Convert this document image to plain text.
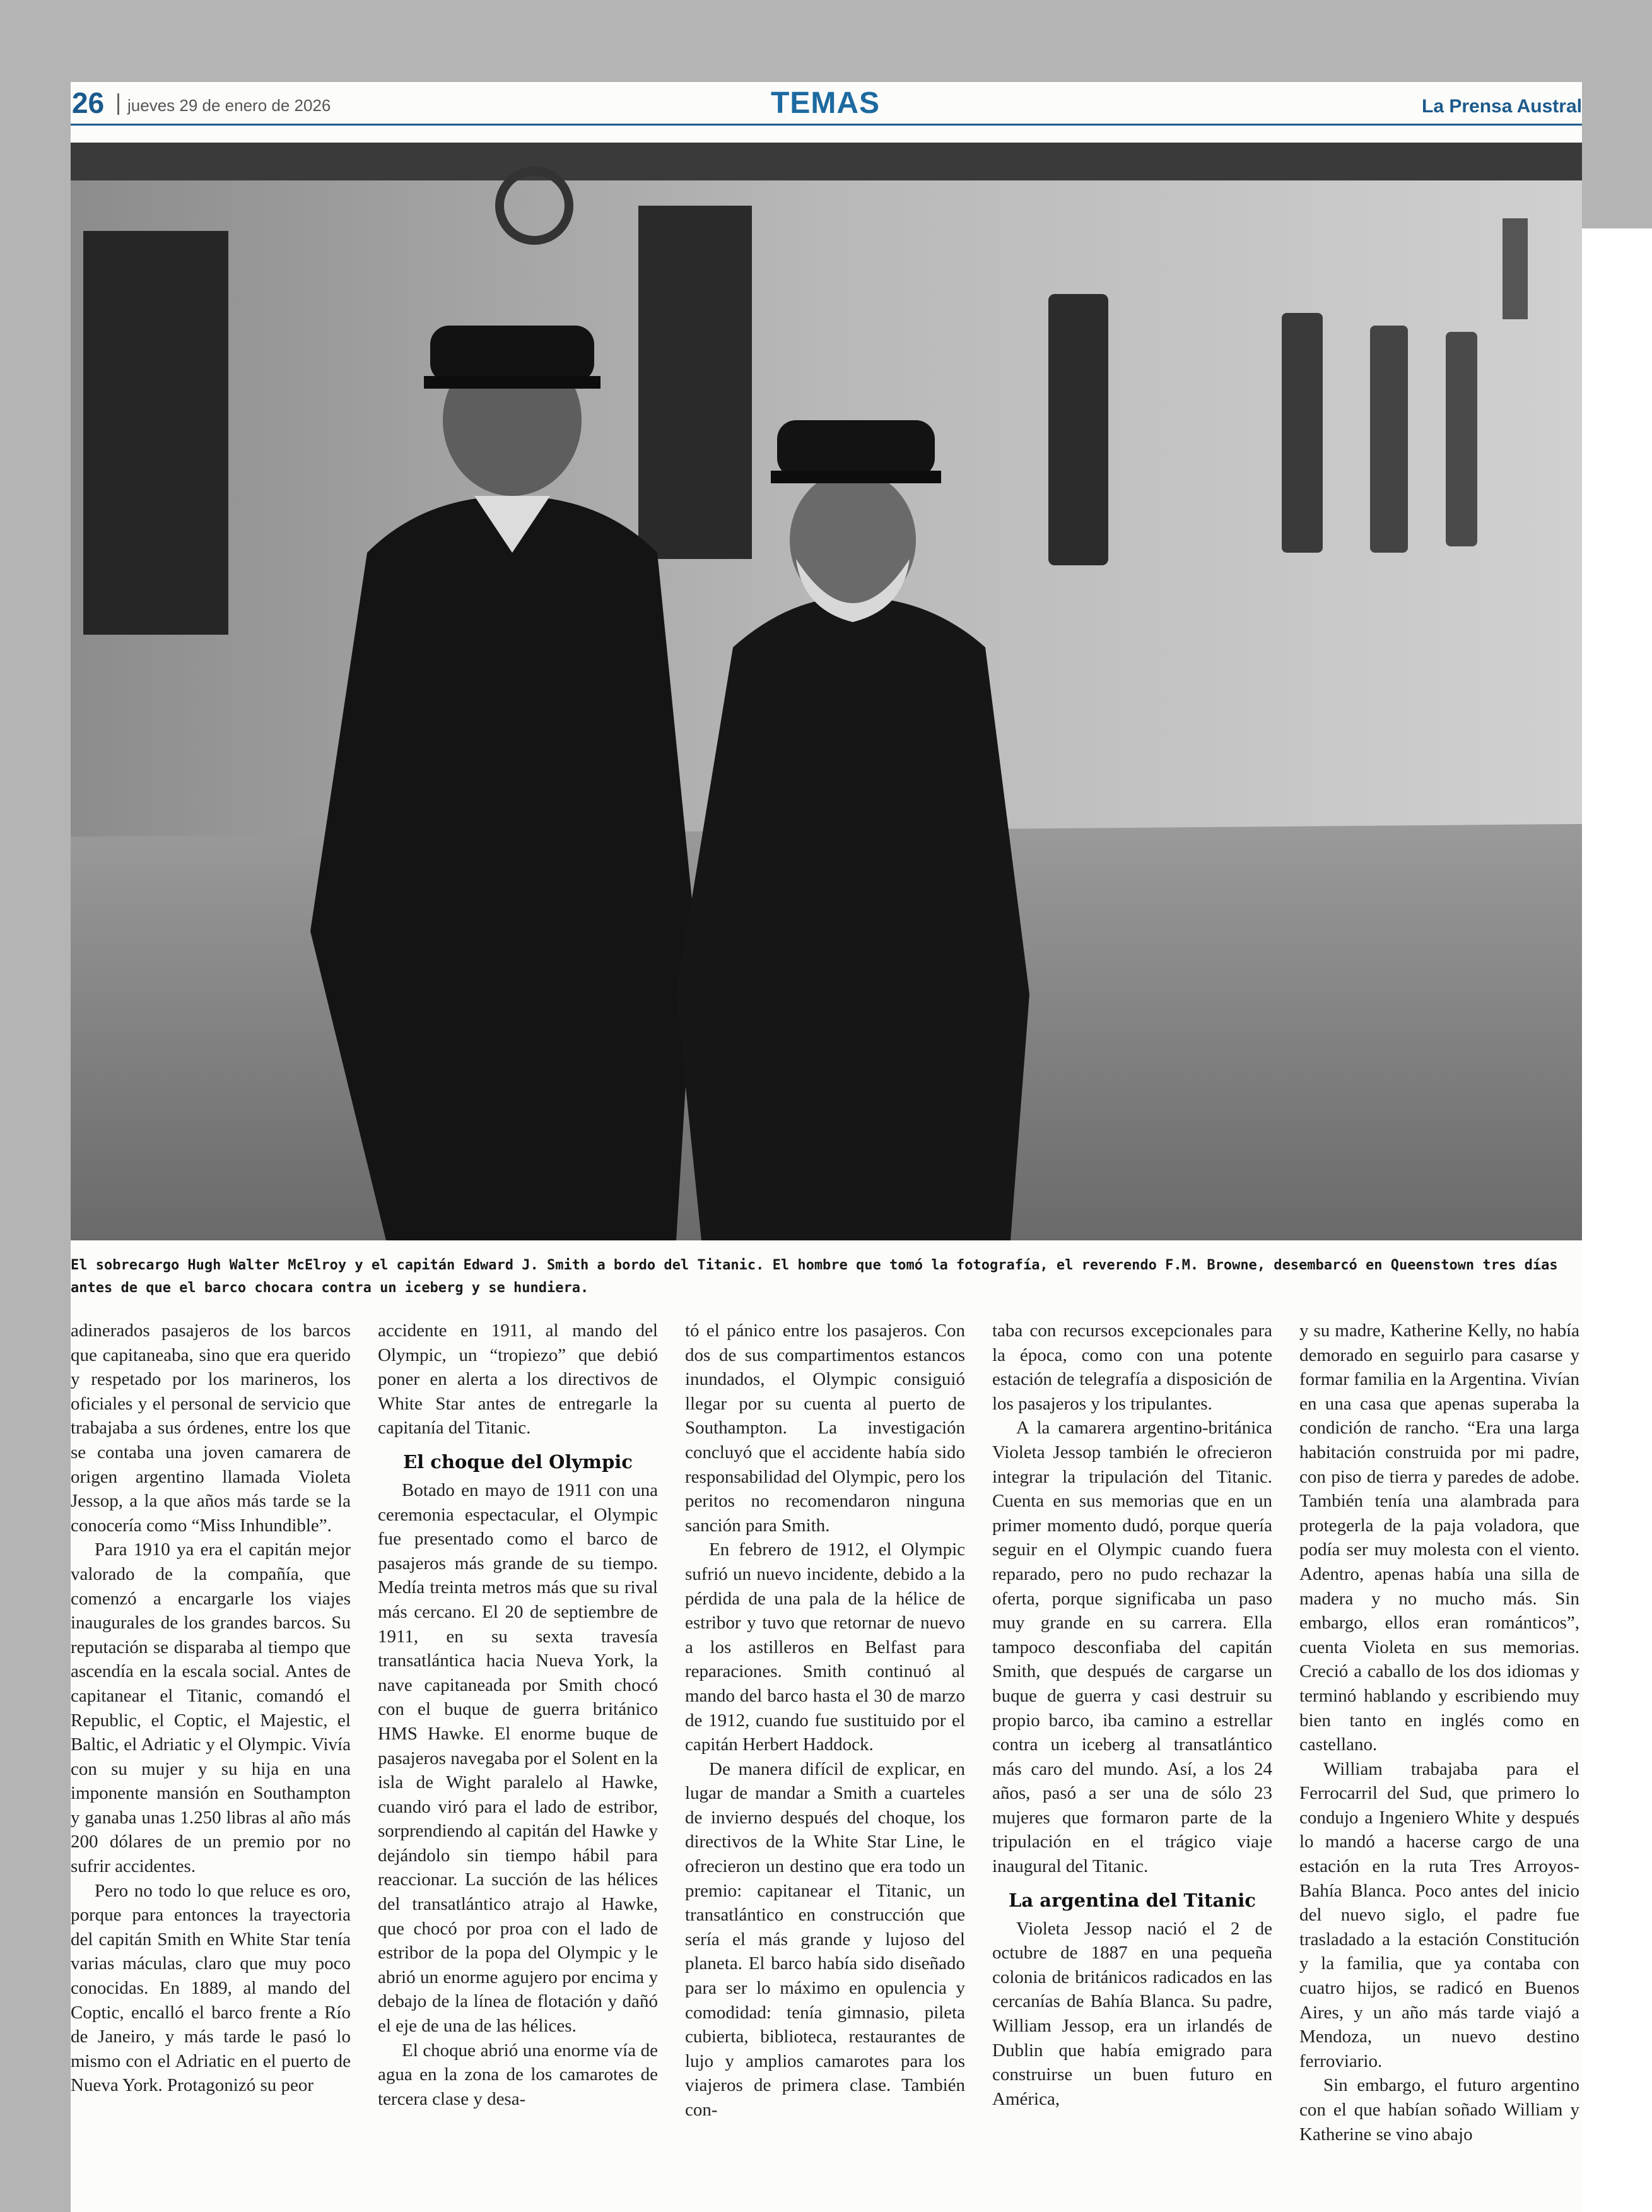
26 jueves 29 de enero de 2026	TEMAS	La Prensa Austral
El sobrecargo Hugh Walter McElroy y el capitán Edward J. Smith a bordo del Titanic. El hombre que tomó la fotografía, el reverendo F.M. Browne, desembarcó en Queenstown tres días antes de que el barco chocara contra un iceberg y se hundiera.

adinerados pasajeros de los barcos que capitaneaba, sino que era querido y respetado por los marineros, los oficiales y el personal de servicio que trabajaba a sus órdenes, entre los que se contaba una joven camarera de origen argentino llamada Violeta Jessop, a la que años más tarde se la conocería como “Miss Inhundible”.

Para 1910 ya era el capitán mejor valorado de la compañía, que comenzó a encargarle los viajes inaugurales de los grandes barcos. Su reputación se disparaba al tiempo que ascendía en la escala social. Antes de capitanear el Titanic, comandó el Republic, el Coptic, el Majestic, el Baltic, el Adriatic y el Olympic. Vivía con su mujer y su hija en una imponente mansión en Southampton y ganaba unas 1.250 libras al año más 200 dólares de un premio por no sufrir accidentes.

Pero no todo lo que reluce es oro, porque para entonces la trayectoria del capitán Smith en White Star tenía varias máculas, claro que muy poco conocidas. En 1889, al mando del Coptic, encalló el barco frente a Río de Janeiro, y más tarde le pasó lo mismo con el Adriatic en el puerto de Nueva York. Protagonizó su peor

accidente en 1911, al mando del Olympic, un “tropiezo” que debió poner en alerta a los directivos de White Star antes de entregarle la capitanía del Titanic.

El choque del Olympic

Botado en mayo de 1911 con una ceremonia espectacular, el Olympic fue presentado como el barco de pasajeros más grande de su tiempo. Medía treinta metros más que su rival más cercano. El 20 de septiembre de 1911, en su sexta travesía transatlántica hacia Nueva York, la nave capitaneada por Smith chocó con el buque de guerra británico HMS Hawke. El enorme buque de pasajeros navegaba por el Solent en la isla de Wight paralelo al Hawke, cuando viró para el lado de estribor, sorprendiendo al capitán del Hawke y dejándolo sin tiempo hábil para reaccionar. La succión de las hélices del transatlántico atrajo al Hawke, que chocó por proa con el lado de estribor de la popa del Olympic y le abrió un enorme agujero por encima y debajo de la línea de flotación y dañó el eje de una de las hélices.

El choque abrió una enorme vía de agua en la zona de los camarotes de tercera clase y desa-

tó el pánico entre los pasajeros. Con dos de sus compartimentos estancos inundados, el Olympic consiguió llegar por su cuenta al puerto de Southampton. La investigación concluyó que el accidente había sido responsabilidad del Olympic, pero los peritos no recomendaron ninguna sanción para Smith.

En febrero de 1912, el Olympic sufrió un nuevo incidente, debido a la pérdida de una pala de la hélice de estribor y tuvo que retornar de nuevo a los astilleros en Belfast para reparaciones. Smith continuó al mando del barco hasta el 30 de marzo de 1912, cuando fue sustituido por el capitán Herbert Haddock.

De manera difícil de explicar, en lugar de mandar a Smith a cuarteles de invierno después del choque, los directivos de la White Star Line, le ofrecieron un destino que era todo un premio: capitanear el Titanic, un transatlántico en construcción que sería el más grande y lujoso del planeta. El barco había sido diseñado para ser lo máximo en opulencia y comodidad: tenía gimnasio, pileta cubierta, biblioteca, restaurantes de lujo y amplios camarotes para los viajeros de primera clase. También con-

taba con recursos excepcionales para la época, como con una potente estación de telegrafía a disposición de los pasajeros y los tripulantes.

A la camarera argentino-británica Violeta Jessop también le ofrecieron integrar la tripulación del Titanic. Cuenta en sus memorias que en un primer momento dudó, porque quería seguir en el Olympic cuando fuera reparado, pero no pudo rechazar la oferta, porque significaba un paso muy grande en su carrera. Ella tampoco desconfiaba del capitán Smith, que después de cargarse un buque de guerra y casi destruir su propio barco, iba camino a estrellar contra un iceberg al transatlántico más caro del mundo. Así, a los 24 años, pasó a ser una de sólo 23 mujeres que formaron parte de la tripulación en el trágico viaje inaugural del Titanic.

La argentina del Titanic

Violeta Jessop nació el 2 de octubre de 1887 en una pequeña colonia de británicos radicados en las cercanías de Bahía Blanca. Su padre, William Jessop, era un irlandés de Dublin que había emigrado para construirse un buen futuro en América,

y su madre, Katherine Kelly, no había demorado en seguirlo para casarse y formar familia en la Argentina. Vivían en una casa que apenas superaba la condición de rancho. “Era una larga habitación construida por mi padre, con piso de tierra y paredes de adobe. También tenía una alambrada para protegerla de la paja voladora, que podía ser muy molesta con el viento. Adentro, apenas había una silla de madera y no mucho más. Sin embargo, ellos eran románticos”, cuenta Violeta en sus memorias. Creció a caballo de los dos idiomas y terminó hablando y escribiendo muy bien tanto en inglés como en castellano.

William trabajaba para el Ferrocarril del Sud, que primero lo condujo a Ingeniero White y después lo mandó a hacerse cargo de una estación en la ruta Tres Arroyos-Bahía Blanca. Poco antes del inicio del nuevo siglo, el padre fue trasladado a la estación Constitución y la familia, que ya contaba con cuatro hijos, se radicó en Buenos Aires, y un año más tarde viajó a Mendoza, un nuevo destino ferroviario.

Sin embargo, el futuro argentino con el que habían soñado William y Katherine se vino abajo
